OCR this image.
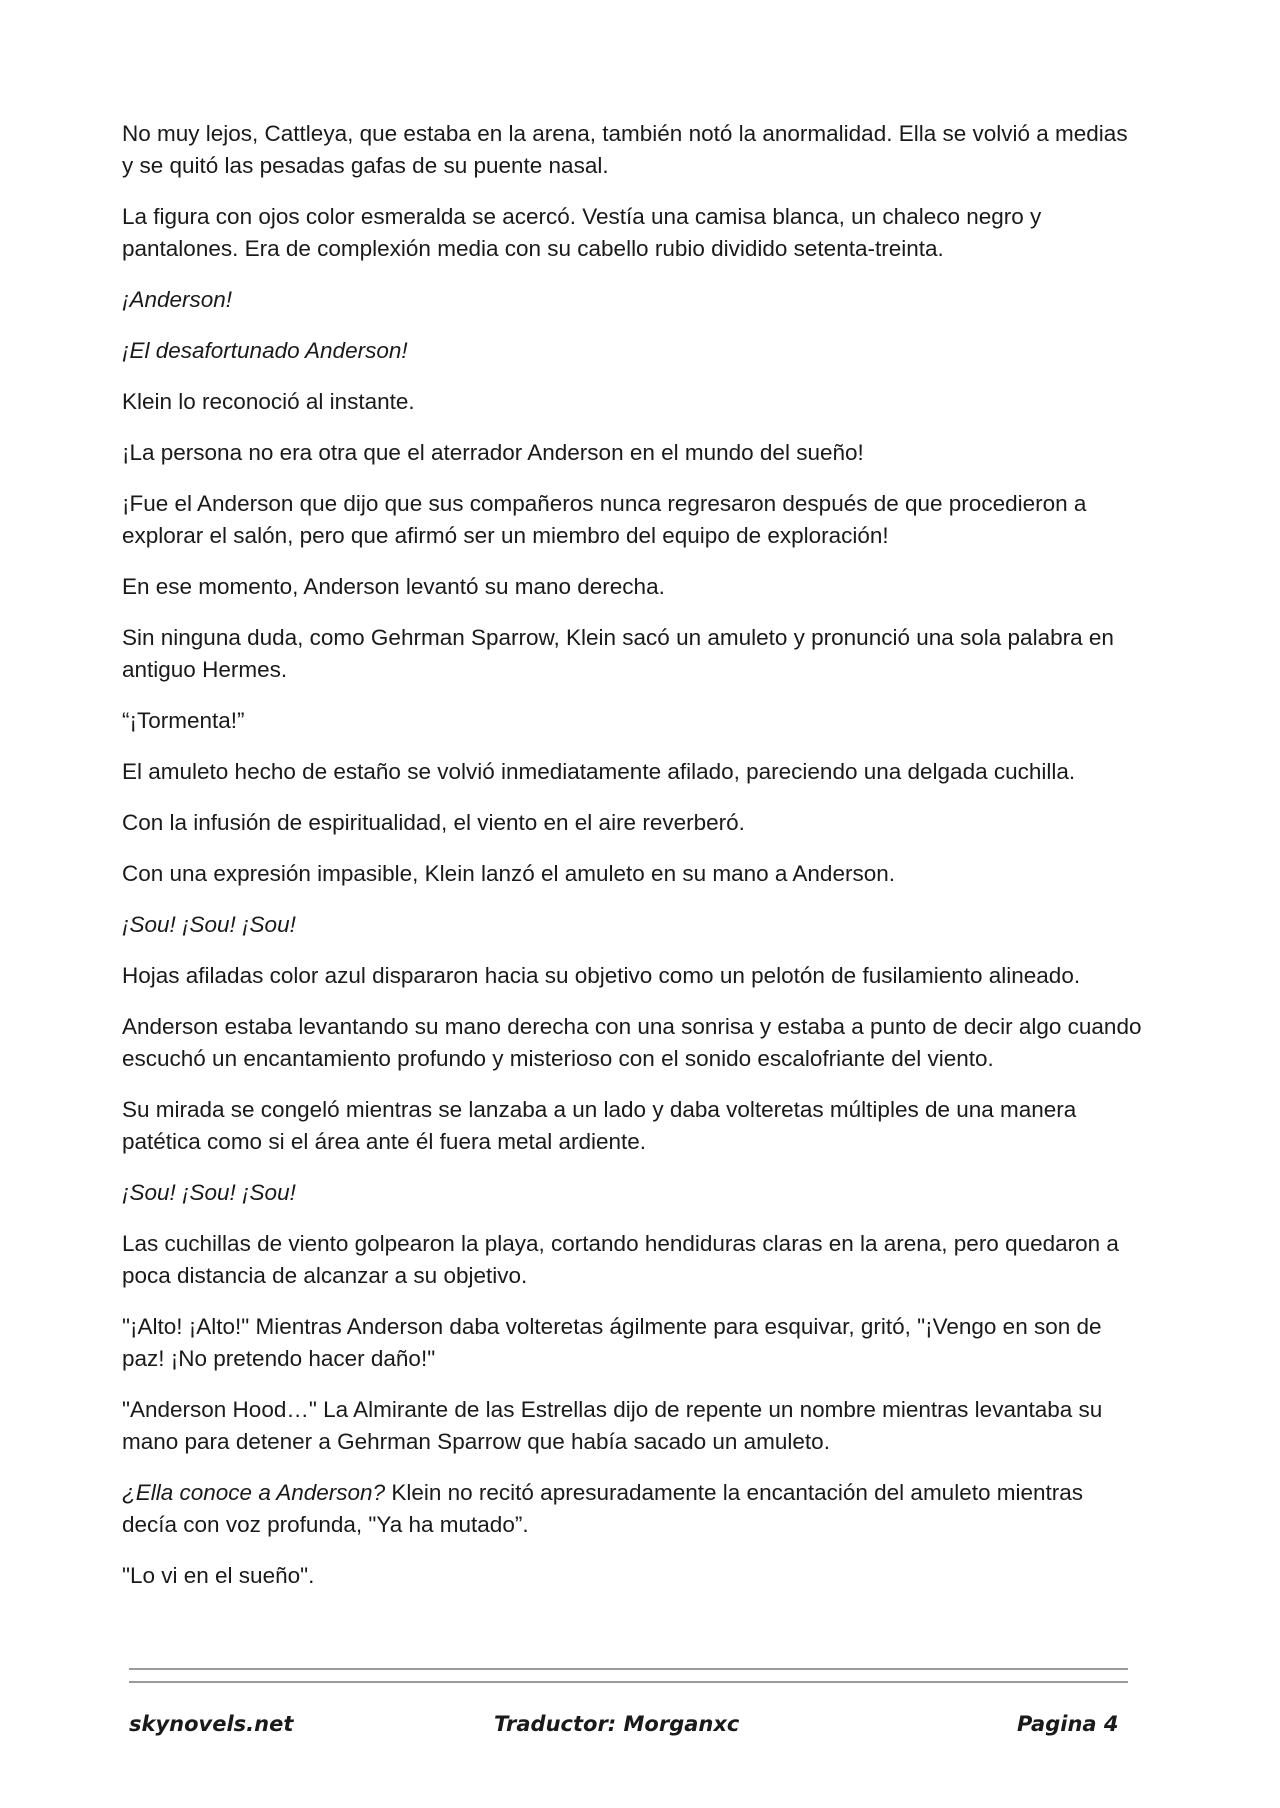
No muy lejos, Cattleya, que estaba en la arena, también notó la anormalidad. Ella se volvió a medias y se quitó las pesadas gafas de su puente nasal.

La figura con ojos color esmeralda se acercó. Vestía una camisa blanca, un chaleco negro y pantalones. Era de complexión media con su cabello rubio dividido setenta-treinta.

¡Anderson!

¡El desafortunado Anderson!

Klein lo reconoció al instante.

¡La persona no era otra que el aterrador Anderson en el mundo del sueño!

¡Fue el Anderson que dijo que sus compañeros nunca regresaron después de que procedieron a explorar el salón, pero que afirmó ser un miembro del equipo de exploración!

En ese momento, Anderson levantó su mano derecha.

Sin ninguna duda, como Gehrman Sparrow, Klein sacó un amuleto y pronunció una sola palabra en antiguo Hermes.

“¡Tormenta!”

El amuleto hecho de estaño se volvió inmediatamente afilado, pareciendo una delgada cuchilla.

Con la infusión de espiritualidad, el viento en el aire reverberó.

Con una expresión impasible, Klein lanzó el amuleto en su mano a Anderson.

¡Sou! ¡Sou! ¡Sou!

Hojas afiladas color azul dispararon hacia su objetivo como un pelotón de fusilamiento alineado.

Anderson estaba levantando su mano derecha con una sonrisa y estaba a punto de decir algo cuando escuchó un encantamiento profundo y misterioso con el sonido escalofriante del viento.

Su mirada se congeló mientras se lanzaba a un lado y daba volteretas múltiples de una manera patética como si el área ante él fuera metal ardiente.

¡Sou! ¡Sou! ¡Sou!

Las cuchillas de viento golpearon la playa, cortando hendiduras claras en la arena, pero quedaron a poca distancia de alcanzar a su objetivo.

"¡Alto! ¡Alto!" Mientras Anderson daba volteretas ágilmente para esquivar, gritó, "¡Vengo en son de paz! ¡No pretendo hacer daño!"

"Anderson Hood…" La Almirante de las Estrellas dijo de repente un nombre mientras levantaba su mano para detener a Gehrman Sparrow que había sacado un amuleto.

¿Ella conoce a Anderson? Klein no recitó apresuradamente la encantación del amuleto mientras decía con voz profunda, "Ya ha mutado”.

"Lo vi en el sueño".

skynovels.net	Traductor: Morganxc	Pagina 4
